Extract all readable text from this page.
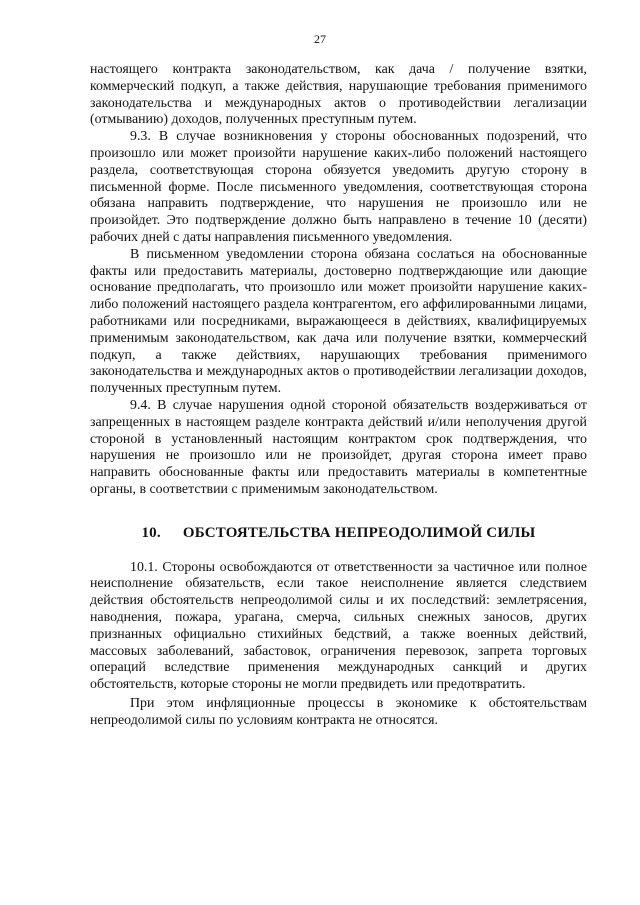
27

настоящего контракта законодательством, как дача / получение взятки, коммерческий подкуп, а также действия, нарушающие требования применимого законодательства и международных актов о противодействии легализации (отмыванию) доходов, полученных преступным путем.

9.3. В случае возникновения у стороны обоснованных подозрений, что произошло или может произойти нарушение каких-либо положений настоящего раздела, соответствующая сторона обязуется уведомить другую сторону в письменной форме. После письменного уведомления, соответствующая сторона обязана направить подтверждение, что нарушения не произошло или не произойдет. Это подтверждение должно быть направлено в течение 10 (десяти) рабочих дней с даты направления письменного уведомления.

В письменном уведомлении сторона обязана сослаться на обоснованные факты или предоставить материалы, достоверно подтверждающие или дающие основание предполагать, что произошло или может произойти нарушение каких-либо положений настоящего раздела контрагентом, его аффилированными лицами, работниками или посредниками, выражающееся в действиях, квалифицируемых применимым законодательством, как дача или получение взятки, коммерческий подкуп, а также действиях, нарушающих требования применимого законодательства и международных актов о противодействии легализации доходов, полученных преступным путем.

9.4. В случае нарушения одной стороной обязательств воздерживаться от запрещенных в настоящем разделе контракта действий и/или неполучения другой стороной в установленный настоящим контрактом срок подтверждения, что нарушения не произошло или не произойдет, другая сторона имеет право направить обоснованные факты или предоставить материалы в компетентные органы, в соответствии с применимым законодательством.

10. ОБСТОЯТЕЛЬСТВА НЕПРЕОДОЛИМОЙ СИЛЫ

10.1. Стороны освобождаются от ответственности за частичное или полное неисполнение обязательств, если такое неисполнение является следствием действия обстоятельств непреодолимой силы и их последствий: землетрясения, наводнения, пожара, урагана, смерча, сильных снежных заносов, других признанных официально стихийных бедствий, а также военных действий, массовых заболеваний, забастовок, ограничения перевозок, запрета торговых операций вследствие применения международных санкций и других обстоятельств, которые стороны не могли предвидеть или предотвратить.

При этом инфляционные процессы в экономике к обстоятельствам непреодолимой силы по условиям контракта не относятся.
